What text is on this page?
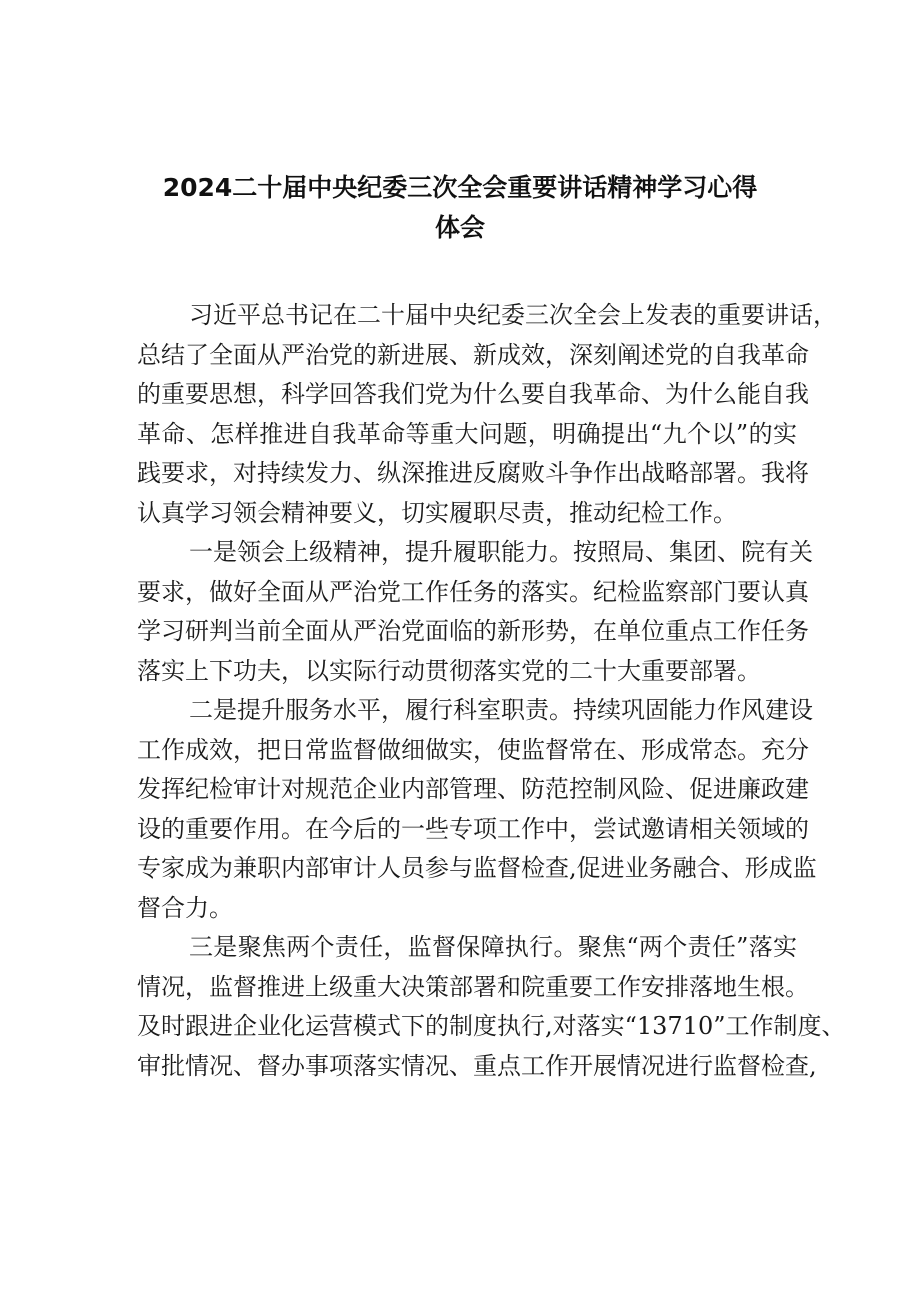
2024二十届中央纪委三次全会重要讲话精神学习心得
体会
习近平总书记在二十届中央纪委三次全会上发表的重要讲话，
总结了全面从严治党的新进展、新成效，深刻阐述党的自我革命
的重要思想，科学回答我们党为什么要自我革命、为什么能自我
革命、怎样推进自我革命等重大问题，明确提出“九个以”的实
践要求，对持续发力、纵深推进反腐败斗争作出战略部署。我将
认真学习领会精神要义，切实履职尽责，推动纪检工作。
一是领会上级精神，提升履职能力。按照局、集团、院有关
要求，做好全面从严治党工作任务的落实。纪检监察部门要认真
学习研判当前全面从严治党面临的新形势，在单位重点工作任务
落实上下功夫，以实际行动贯彻落实党的二十大重要部署。
二是提升服务水平，履行科室职责。持续巩固能力作风建设
工作成效，把日常监督做细做实，使监督常在、形成常态。充分
发挥纪检审计对规范企业内部管理、防范控制风险、促进廉政建
设的重要作用。在今后的一些专项工作中，尝试邀请相关领域的
专家成为兼职内部审计人员参与监督检查,促进业务融合、形成监
督合力。
三是聚焦两个责任，监督保障执行。聚焦“两个责任”落实
情况，监督推进上级重大决策部署和院重要工作安排落地生根。
及时跟进企业化运营模式下的制度执行,对落实“13710”工作制度、
审批情况、督办事项落实情况、重点工作开展情况进行监督检查,
